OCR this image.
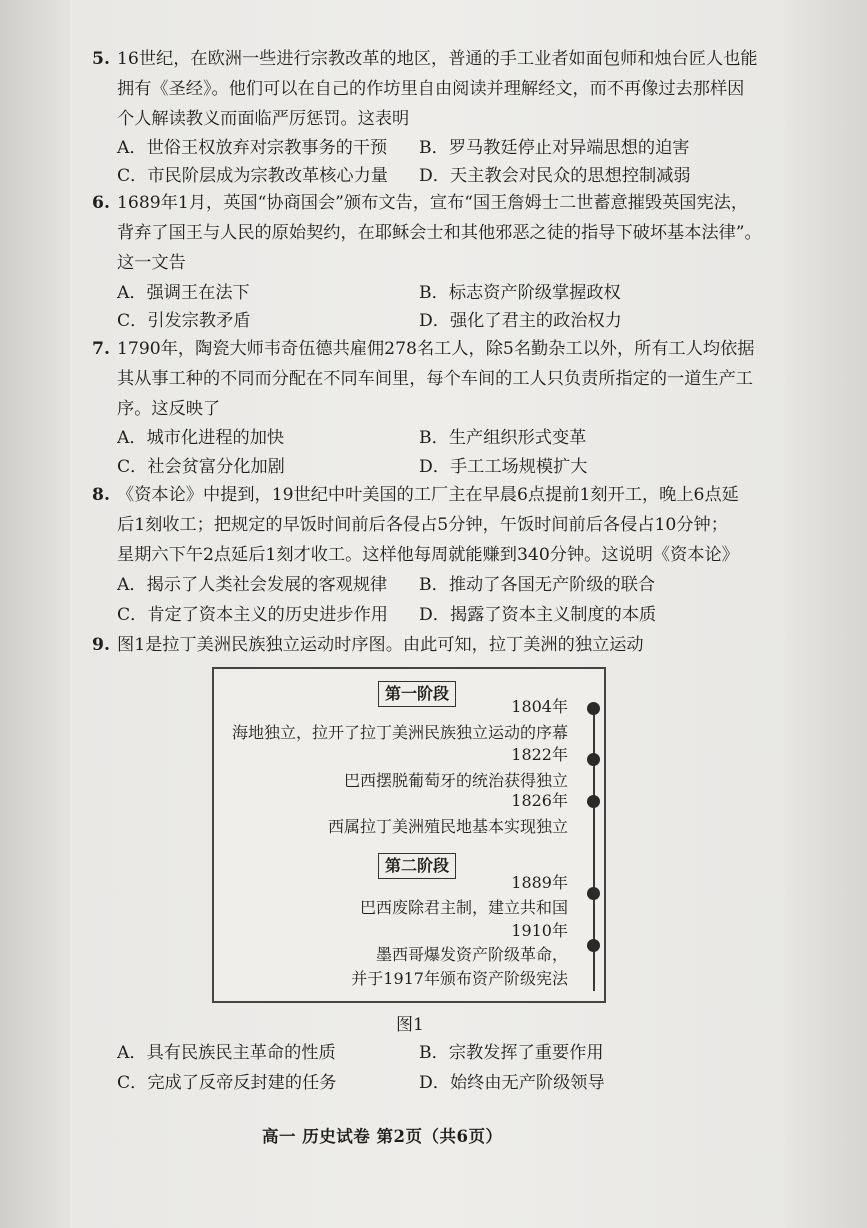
5. 16世纪，在欧洲一些进行宗教改革的地区，普通的手工业者如面包师和烛台匠人也能
拥有《圣经》。他们可以在自己的作坊里自由阅读并理解经文，而不再像过去那样因
个人解读教义而面临严厉惩罚。这表明
A．世俗王权放弃对宗教事务的干预 B．罗马教廷停止对异端思想的迫害
C．市民阶层成为宗教改革核心力量 D．天主教会对民众的思想控制减弱
6. 1689年1月，英国“协商国会”颁布文告，宣布“国王詹姆士二世蓄意摧毁英国宪法，
背弃了国王与人民的原始契约，在耶稣会士和其他邪恶之徒的指导下破坏基本法律”。
这一文告
A．强调王在法下	B．标志资产阶级掌握政权
C．引发宗教矛盾	D．强化了君主的政治权力
7. 1790年，陶瓷大师韦奇伍德共雇佣278名工人，除5名勤杂工以外，所有工人均依据
其从事工种的不同而分配在不同车间里，每个车间的工人只负责所指定的一道生产工
序。这反映了
A．城市化进程的加快	B．生产组织形式变革
C．社会贫富分化加剧	D．手工工场规模扩大
8. 《资本论》中提到，19世纪中叶美国的工厂主在早晨6点提前1刻开工，晚上6点延
后1刻收工；把规定的早饭时间前后各侵占5分钟，午饭时间前后各侵占10分钟；
星期六下午2点延后1刻才收工。这样他每周就能赚到340分钟。这说明《资本论》
A．揭示了人类社会发展的客观规律 B．推动了各国无产阶级的联合
C．肯定了资本主义的历史进步作用 D．揭露了资本主义制度的本质
9. 图1是拉丁美洲民族独立运动时序图。由此可知，拉丁美洲的独立运动
第一阶段
1804年
海地独立，拉开了拉丁美洲民族独立运动的序幕
1822年
巴西摆脱葡萄牙的统治获得独立
1826年
西属拉丁美洲殖民地基本实现独立
第二阶段
1889年
巴西废除君主制，建立共和国
1910年
墨西哥爆发资产阶级革命，
并于1917年颁布资产阶级宪法
图1
A．具有民族民主革命的性质	B．宗教发挥了重要作用
C．完成了反帝反封建的任务	D．始终由无产阶级领导
高一 历史试卷 第2页（共6页）
